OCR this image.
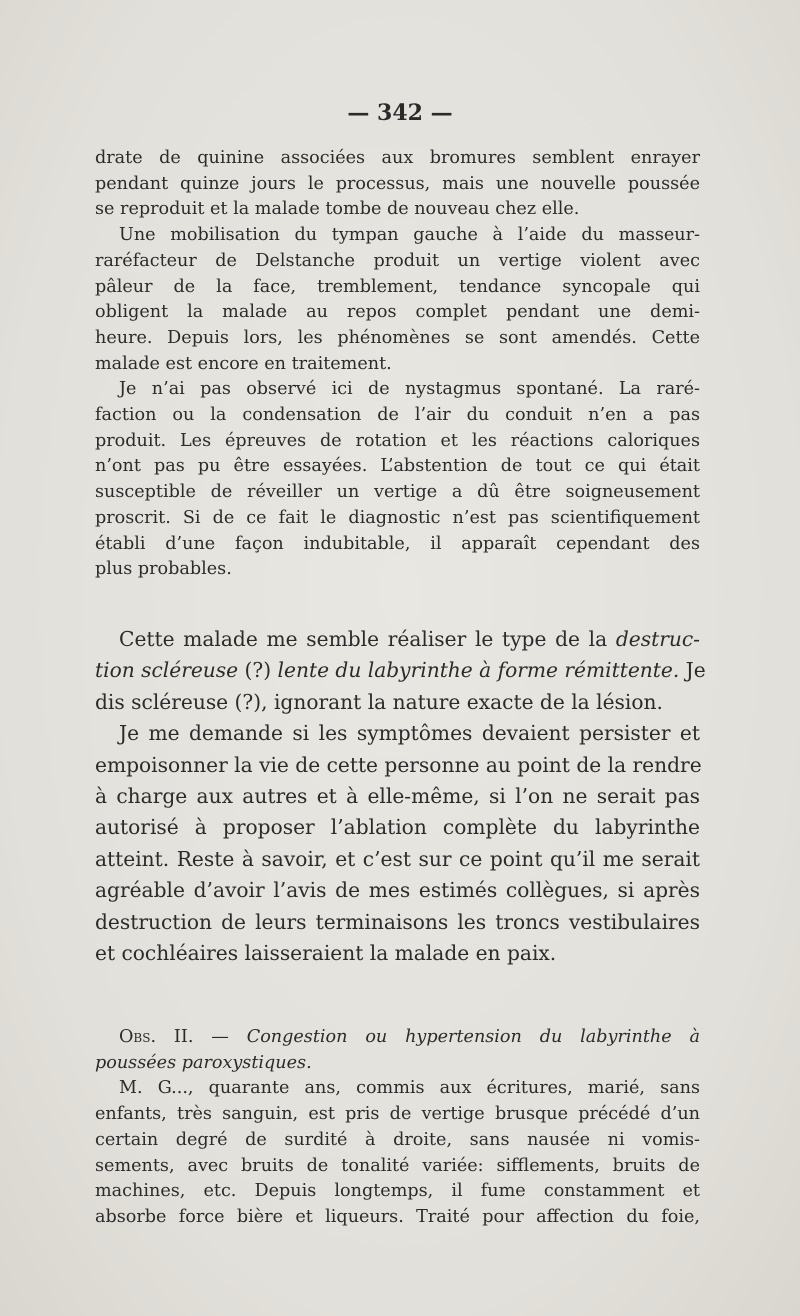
— 342 —
drate de quinine associées aux bromures semblent enrayer
pendant quinze jours le processus, mais une nouvelle poussée
se reproduit et la malade tombe de nouveau chez elle.
Une mobilisation du tympan gauche à l’aide du masseur-
raréfacteur de Delstanche produit un vertige violent avec
pâleur de la face, tremblement, tendance syncopale qui
obligent la malade au repos complet pendant une demi-
heure. Depuis lors, les phénomènes se sont amendés. Cette
malade est encore en traitement.
Je n’ai pas observé ici de nystagmus spontané. La raré-
faction ou la condensation de l’air du conduit n’en a pas
produit. Les épreuves de rotation et les réactions caloriques
n’ont pas pu être essayées. L’abstention de tout ce qui était
susceptible de réveiller un vertige a dû être soigneusement
proscrit. Si de ce fait le diagnostic n’est pas scientifiquement
établi d’une façon indubitable, il apparaît cependant des
plus probables.
Cette malade me semble réaliser le type de la destruc-
tion scléreuse (?) lente du labyrinthe à forme rémittente. Je
dis scléreuse (?), ignorant la nature exacte de la lésion.
Je me demande si les symptômes devaient persister et
empoisonner la vie de cette personne au point de la rendre
à charge aux autres et à elle-même, si l’on ne serait pas
autorisé à proposer l’ablation complète du labyrinthe
atteint. Reste à savoir, et c’est sur ce point qu’il me serait
agréable d’avoir l’avis de mes estimés collègues, si après
destruction de leurs terminaisons les troncs vestibulaires
et cochléaires laisseraient la malade en paix.
Obs. II. — Congestion ou hypertension du labyrinthe à
poussées paroxystiques.
M. G..., quarante ans, commis aux écritures, marié, sans
enfants, très sanguin, est pris de vertige brusque précédé d’un
certain degré de surdité à droite, sans nausée ni vomis-
sements, avec bruits de tonalité variée: sifflements, bruits de
machines, etc. Depuis longtemps, il fume constamment et
absorbe force bière et liqueurs. Traité pour affection du foie,
